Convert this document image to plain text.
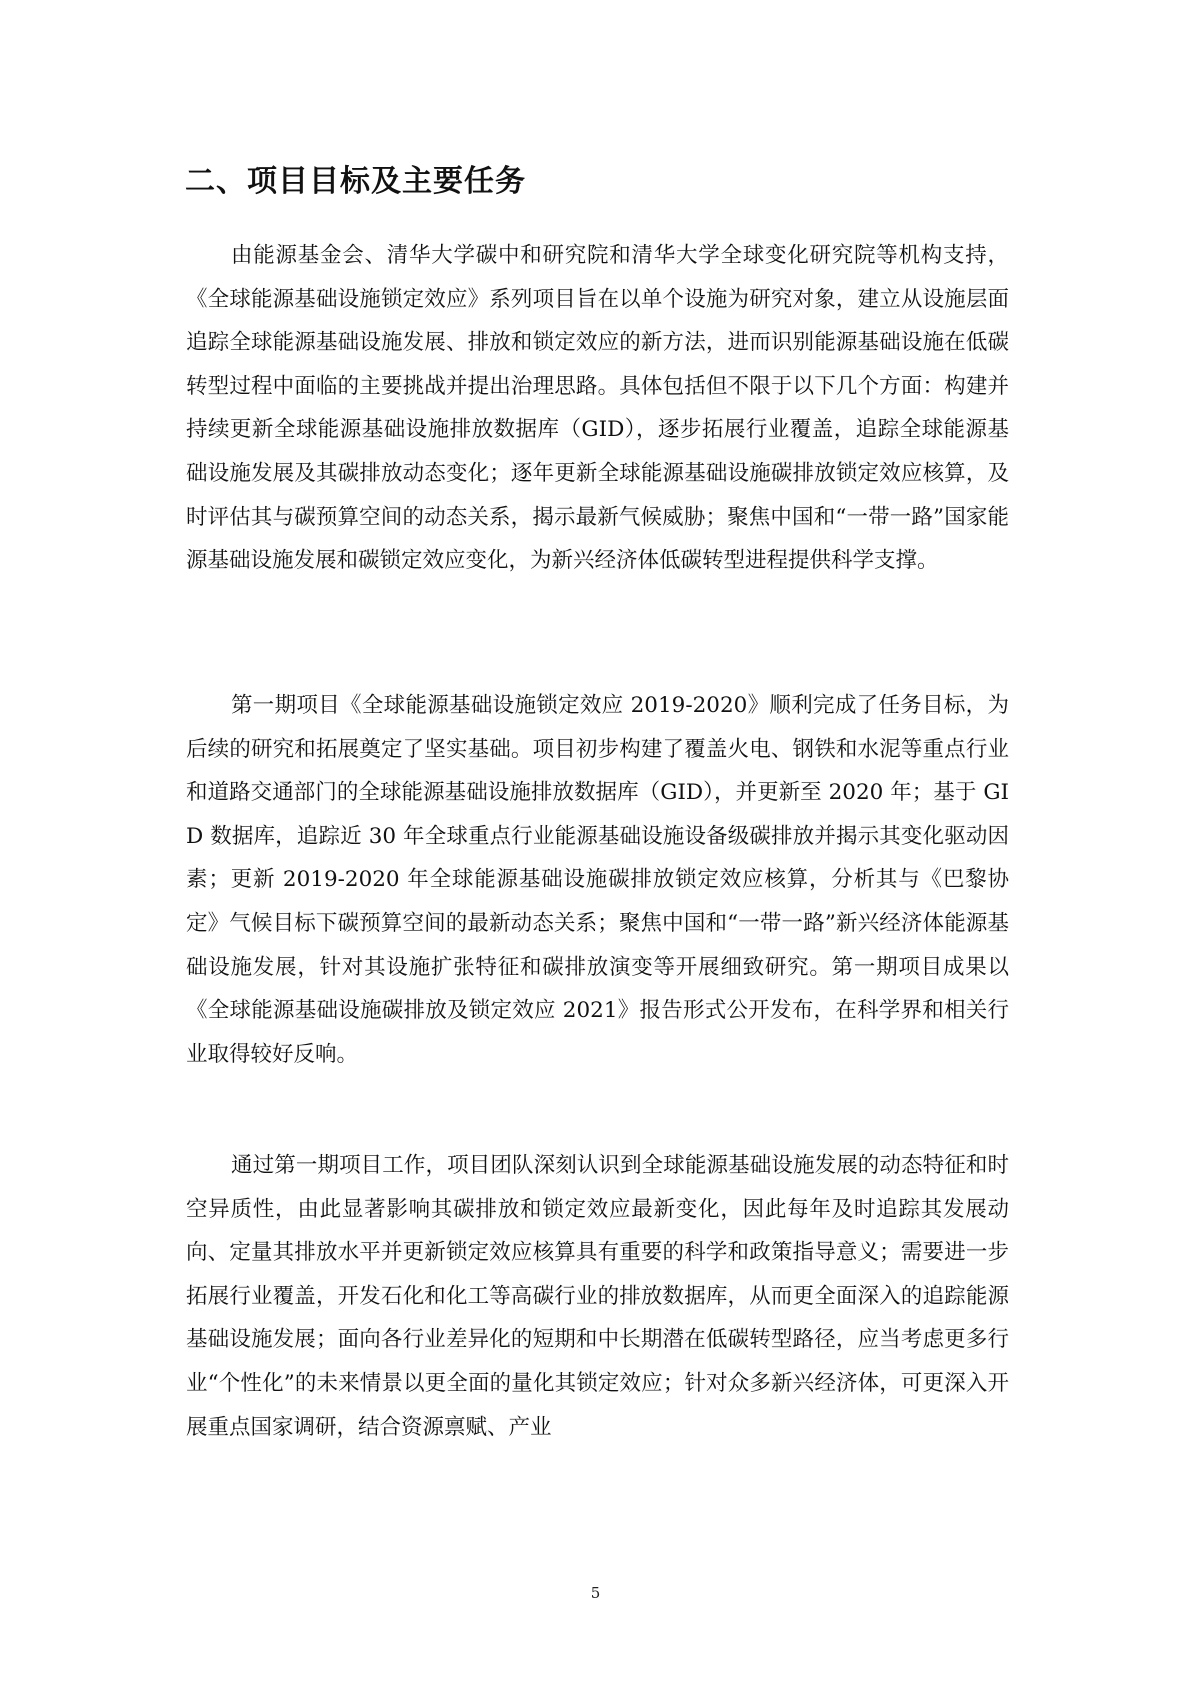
二、项目目标及主要任务

由能源基金会、清华大学碳中和研究院和清华大学全球变化研究院等机构支持，《全球能源基础设施锁定效应》系列项目旨在以单个设施为研究对象，建立从设施层面追踪全球能源基础设施发展、排放和锁定效应的新方法，进而识别能源基础设施在低碳转型过程中面临的主要挑战并提出治理思路。具体包括但不限于以下几个方面：构建并持续更新全球能源基础设施排放数据库（GID），逐步拓展行业覆盖，追踪全球能源基础设施发展及其碳排放动态变化；逐年更新全球能源基础设施碳排放锁定效应核算，及时评估其与碳预算空间的动态关系，揭示最新气候威胁；聚焦中国和“一带一路”国家能源基础设施发展和碳锁定效应变化，为新兴经济体低碳转型进程提供科学支撑。

第一期项目《全球能源基础设施锁定效应 2019-2020》顺利完成了任务目标，为后续的研究和拓展奠定了坚实基础。项目初步构建了覆盖火电、钢铁和水泥等重点行业和道路交通部门的全球能源基础设施排放数据库（GID），并更新至 2020 年；基于 GID 数据库，追踪近 30 年全球重点行业能源基础设施设备级碳排放并揭示其变化驱动因素；更新 2019-2020 年全球能源基础设施碳排放锁定效应核算，分析其与《巴黎协定》气候目标下碳预算空间的最新动态关系；聚焦中国和“一带一路”新兴经济体能源基础设施发展，针对其设施扩张特征和碳排放演变等开展细致研究。第一期项目成果以《全球能源基础设施碳排放及锁定效应 2021》报告形式公开发布，在科学界和相关行业取得较好反响。

通过第一期项目工作，项目团队深刻认识到全球能源基础设施发展的动态特征和时空异质性，由此显著影响其碳排放和锁定效应最新变化，因此每年及时追踪其发展动向、定量其排放水平并更新锁定效应核算具有重要的科学和政策指导意义；需要进一步拓展行业覆盖，开发石化和化工等高碳行业的排放数据库，从而更全面深入的追踪能源基础设施发展；面向各行业差异化的短期和中长期潜在低碳转型路径，应当考虑更多行业“个性化”的未来情景以更全面的量化其锁定效应；针对众多新兴经济体，可更深入开展重点国家调研，结合资源禀赋、产业

5
